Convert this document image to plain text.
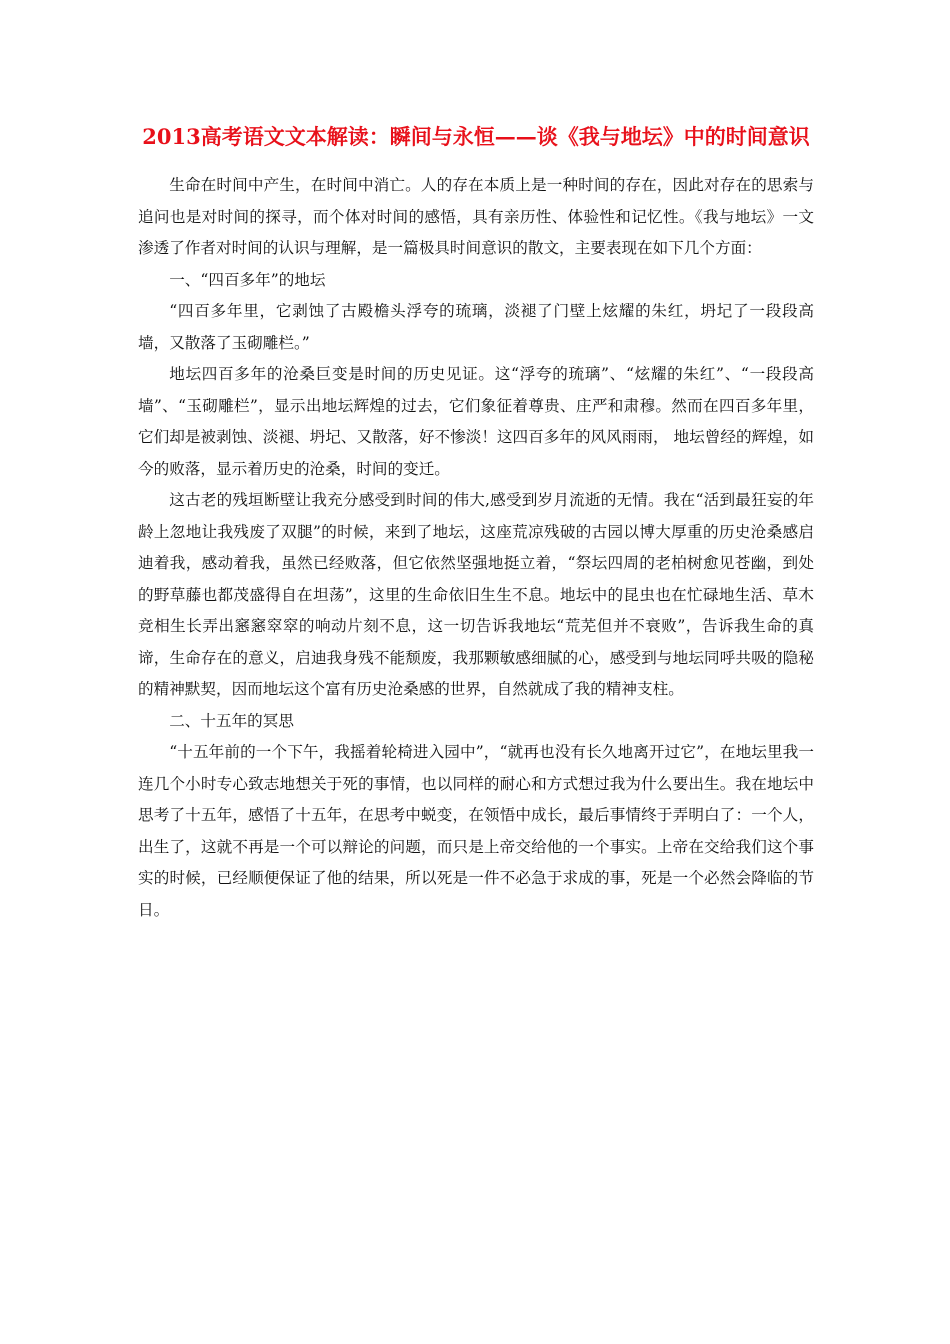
2013高考语文文本解读：瞬间与永恒——谈《我与地坛》中的时间意识

生命在时间中产生，在时间中消亡。人的存在本质上是一种时间的存在，因此对存在的思索与追问也是对时间的探寻，而个体对时间的感悟，具有亲历性、体验性和记忆性。《我与地坛》一文渗透了作者对时间的认识与理解，是一篇极具时间意识的散文，主要表现在如下几个方面：

一、“四百多年”的地坛

“四百多年里，它剥蚀了古殿檐头浮夸的琉璃，淡褪了门壁上炫耀的朱红，坍圮了一段段高墙，又散落了玉砌雕栏。”

地坛四百多年的沧桑巨变是时间的历史见证。这“浮夸的琉璃”、“炫耀的朱红”、“一段段高墙”、“玉砌雕栏”，显示出地坛辉煌的过去，它们象征着尊贵、庄严和肃穆。然而在四百多年里，它们却是被剥蚀、淡褪、坍圮、又散落，好不惨淡！这四百多年的风风雨雨， 地坛曾经的辉煌，如今的败落，显示着历史的沧桑，时间的变迁。

这古老的残垣断壁让我充分感受到时间的伟大,感受到岁月流逝的无情。我在“活到最狂妄的年龄上忽地让我残废了双腿”的时候，来到了地坛，这座荒凉残破的古园以博大厚重的历史沧桑感启迪着我，感动着我，虽然已经败落，但它依然坚强地挺立着，“祭坛四周的老柏树愈见苍幽，到处的野草藤也都茂盛得自在坦荡”，这里的生命依旧生生不息。地坛中的昆虫也在忙碌地生活、草木竞相生长弄出窸窸窣窣的响动片刻不息，这一切告诉我地坛“荒芜但并不衰败”，告诉我生命的真谛，生命存在的意义，启迪我身残不能颓废，我那颗敏感细腻的心，感受到与地坛同呼共吸的隐秘的精神默契，因而地坛这个富有历史沧桑感的世界，自然就成了我的精神支柱。

二、十五年的冥思

“十五年前的一个下午，我摇着轮椅进入园中”，“就再也没有长久地离开过它”，在地坛里我一连几个小时专心致志地想关于死的事情，也以同样的耐心和方式想过我为什么要出生。我在地坛中思考了十五年，感悟了十五年，在思考中蜕变，在领悟中成长，最后事情终于弄明白了：一个人，出生了，这就不再是一个可以辩论的问题，而只是上帝交给他的一个事实。上帝在交给我们这个事实的时候，已经顺便保证了他的结果，所以死是一件不必急于求成的事，死是一个必然会降临的节日。
